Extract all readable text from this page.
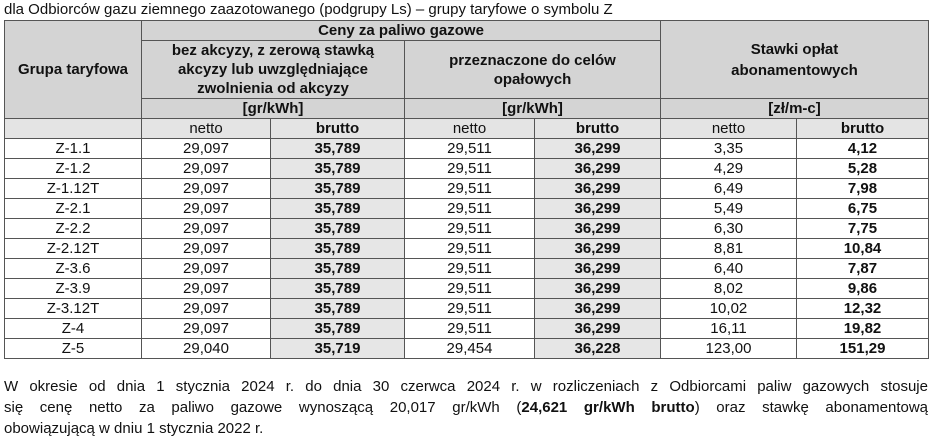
dla Odbiorców gazu ziemnego zaazotowanego (podgrupy Ls) – grupy taryfowe o symbolu Z
Grupa taryfowa	Ceny za paliwo gazowe				Stawki opłat abonamentowych	
	bez akcyzy, z zerową stawką akcyzy lub uwzględniające zwolnienia od akcyzy		przeznaczone do celów opałowych			
	[gr/kWh]		[gr/kWh]		[zł/m-c]	
	netto	brutto	netto	brutto	netto	brutto
Z-1.1	29,097	35,789	29,511	36,299	3,35	4,12
Z-1.2	29,097	35,789	29,511	36,299	4,29	5,28
Z-1.12T	29,097	35,789	29,511	36,299	6,49	7,98
Z-2.1	29,097	35,789	29,511	36,299	5,49	6,75
Z-2.2	29,097	35,789	29,511	36,299	6,30	7,75
Z-2.12T	29,097	35,789	29,511	36,299	8,81	10,84
Z-3.6	29,097	35,789	29,511	36,299	6,40	7,87
Z-3.9	29,097	35,789	29,511	36,299	8,02	9,86
Z-3.12T	29,097	35,789	29,511	36,299	10,02	12,32
Z-4	29,097	35,789	29,511	36,299	16,11	19,82
Z-5	29,040	35,719	29,454	36,228	123,00	151,29
W okresie od dnia 1 stycznia 2024 r. do dnia 30 czerwca 2024 r. w rozliczeniach z Odbiorcami paliw gazowych stosuje
się cenę netto za paliwo gazowe wynoszącą 20,017 gr/kWh (24,621 gr/kWh brutto) oraz stawkę abonamentową
obowiązującą w dniu 1 stycznia 2022 r.
